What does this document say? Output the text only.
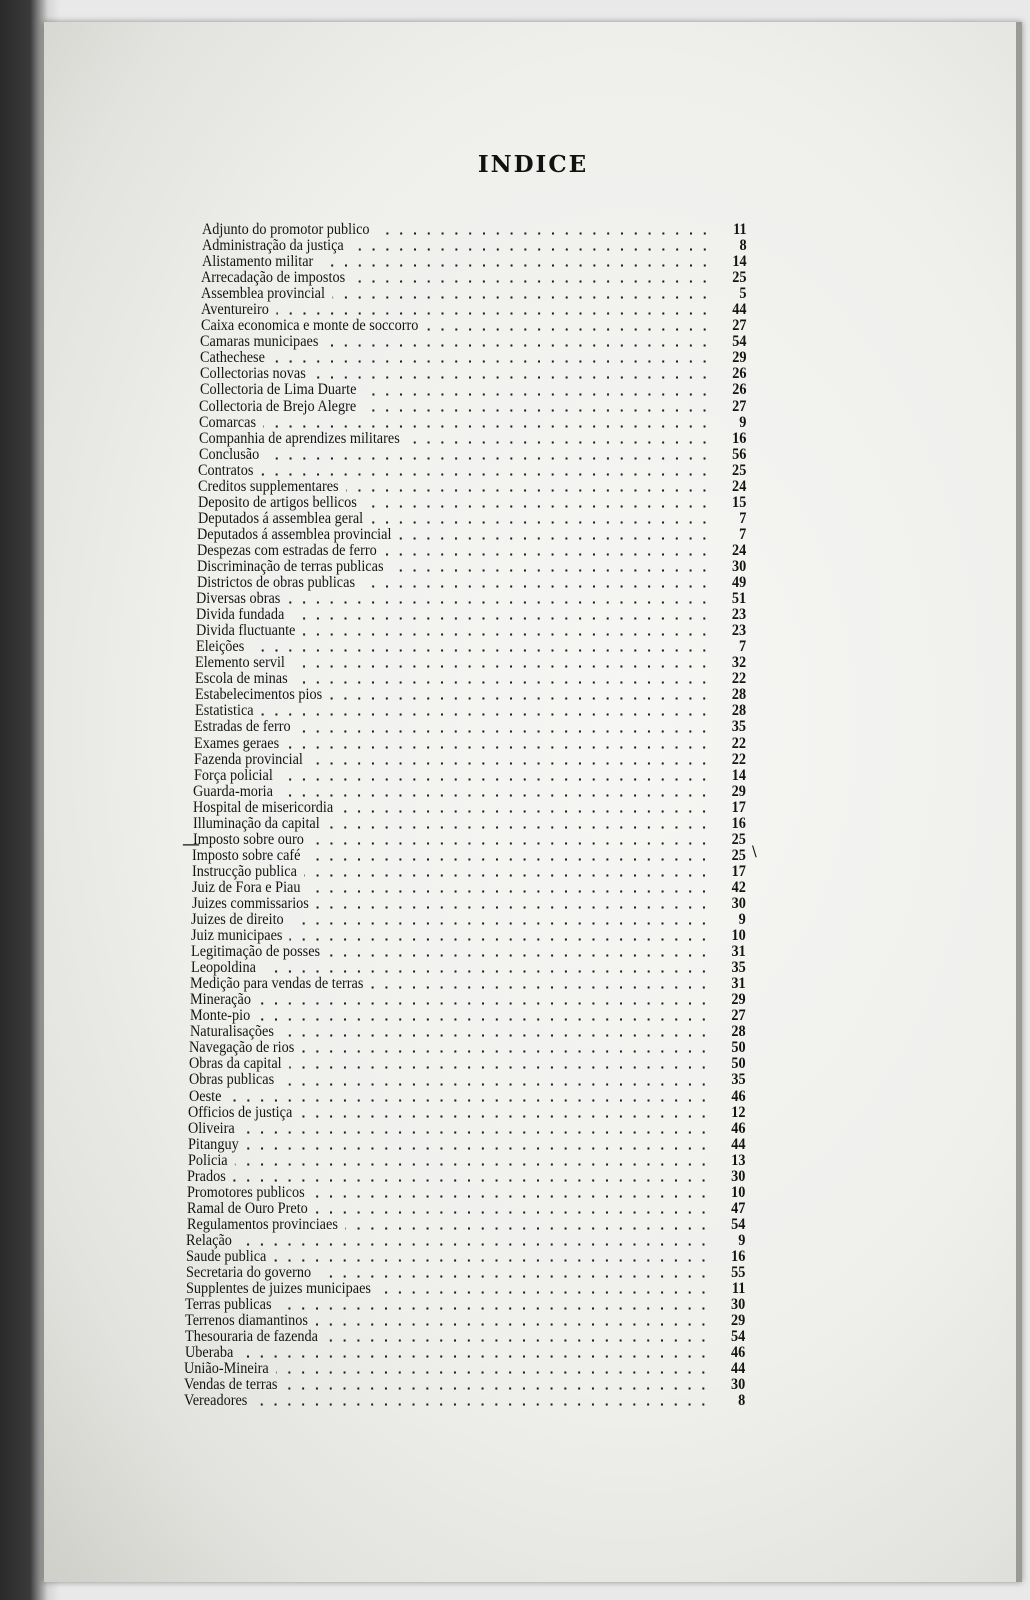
INDICE
Adjunto do promotor publico	11
Administração da justiça	8
Alistamento militar	14
Arrecadação de impostos	25
Assemblea provincial	5
Aventureiro	44
Caixa economica e monte de soccorro	27
Camaras municipaes	54
Cathechese	29
Collectorias novas	26
Collectoria de Lima Duarte	26
Collectoria de Brejo Alegre	27
Comarcas	9
Companhia de aprendizes militares	16
Conclusão	56
Contratos	25
Creditos supplementares	24
Deposito de artigos bellicos	15
Deputados á assemblea geral	7
Deputados á assemblea provincial	7
Despezas com estradas de ferro	24
Discriminação de terras publicas	30
Districtos de obras publicas	49
Diversas obras	51
Divida fundada	23
Divida fluctuante	23
Eleições	7
Elemento servil	32
Escola de minas	22
Estabelecimentos pios	28
Estatistica	28
Estradas de ferro	35
Exames geraes	22
Fazenda provincial	22
Força policial	14
Guarda-moria	29
Hospital de misericordia	17
Illuminação da capital	16
Imposto sobre ouro	25
Imposto sobre café	25
Instrucção publica	17
Juiz de Fora e Piau	42
Juizes commissarios	30
Juizes de direito	9
Juiz municipaes	10
Legitimação de posses	31
Leopoldina	35
Medição para vendas de terras	31
Mineração	29
Monte-pio	27
Naturalisações	28
Navegação de rios	50
Obras da capital	50
Obras publicas	35
Oeste	46
Officios de justiça	12
Oliveira	46
Pitanguy	44
Policia	13
Prados	30
Promotores publicos	10
Ramal de Ouro Preto	47
Regulamentos provinciaes	54
Relação	9
Saude publica	16
Secretaria do governo	55
Supplentes de juizes municipaes	11
Terras publicas	30
Terrenos diamantinos	29
Thesouraria de fazenda	54
Uberaba	46
União-Mineira	44
Vendas de terras	30
Vereadores	8
—	\
